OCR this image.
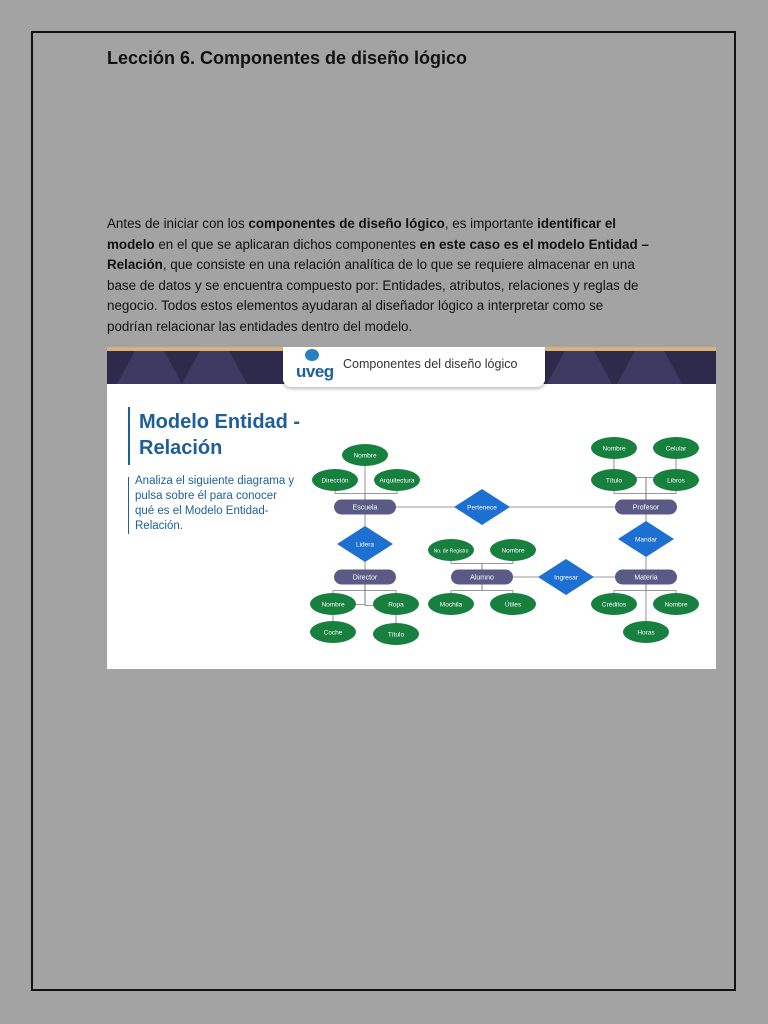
Lección 6. Componentes de diseño lógico
Antes de iniciar con los componentes de diseño lógico, es importante identificar el modelo en el que se aplicaran dichos componentes en este caso es el modelo Entidad – Relación, que consiste en una relación analítica de lo que se requiere almacenar en una base de datos y se encuentra compuesto por: Entidades, atributos, relaciones y reglas de negocio. Todos estos elementos ayudaran al diseñador lógico a interpretar como se podrían relacionar las entidades dentro del modelo.
uveg Componentes del diseño lógico
Modelo Entidad - Relación
Analiza el siguiente diagrama y pulsa sobre él para conocer qué es el Modelo Entidad-Relación.
Escuela	Profesor
Director	Alumno	Materia
Pertenece
Lidera
Mandar
Ingresar
Nombre
Dirección	Arquitectura
Nombre	Celular
Título	Libros
Nombre	Ropa
Coche	Título
No. de Registro	Nombre
Mochila	Útiles	Créditos	Nombre
Horas
